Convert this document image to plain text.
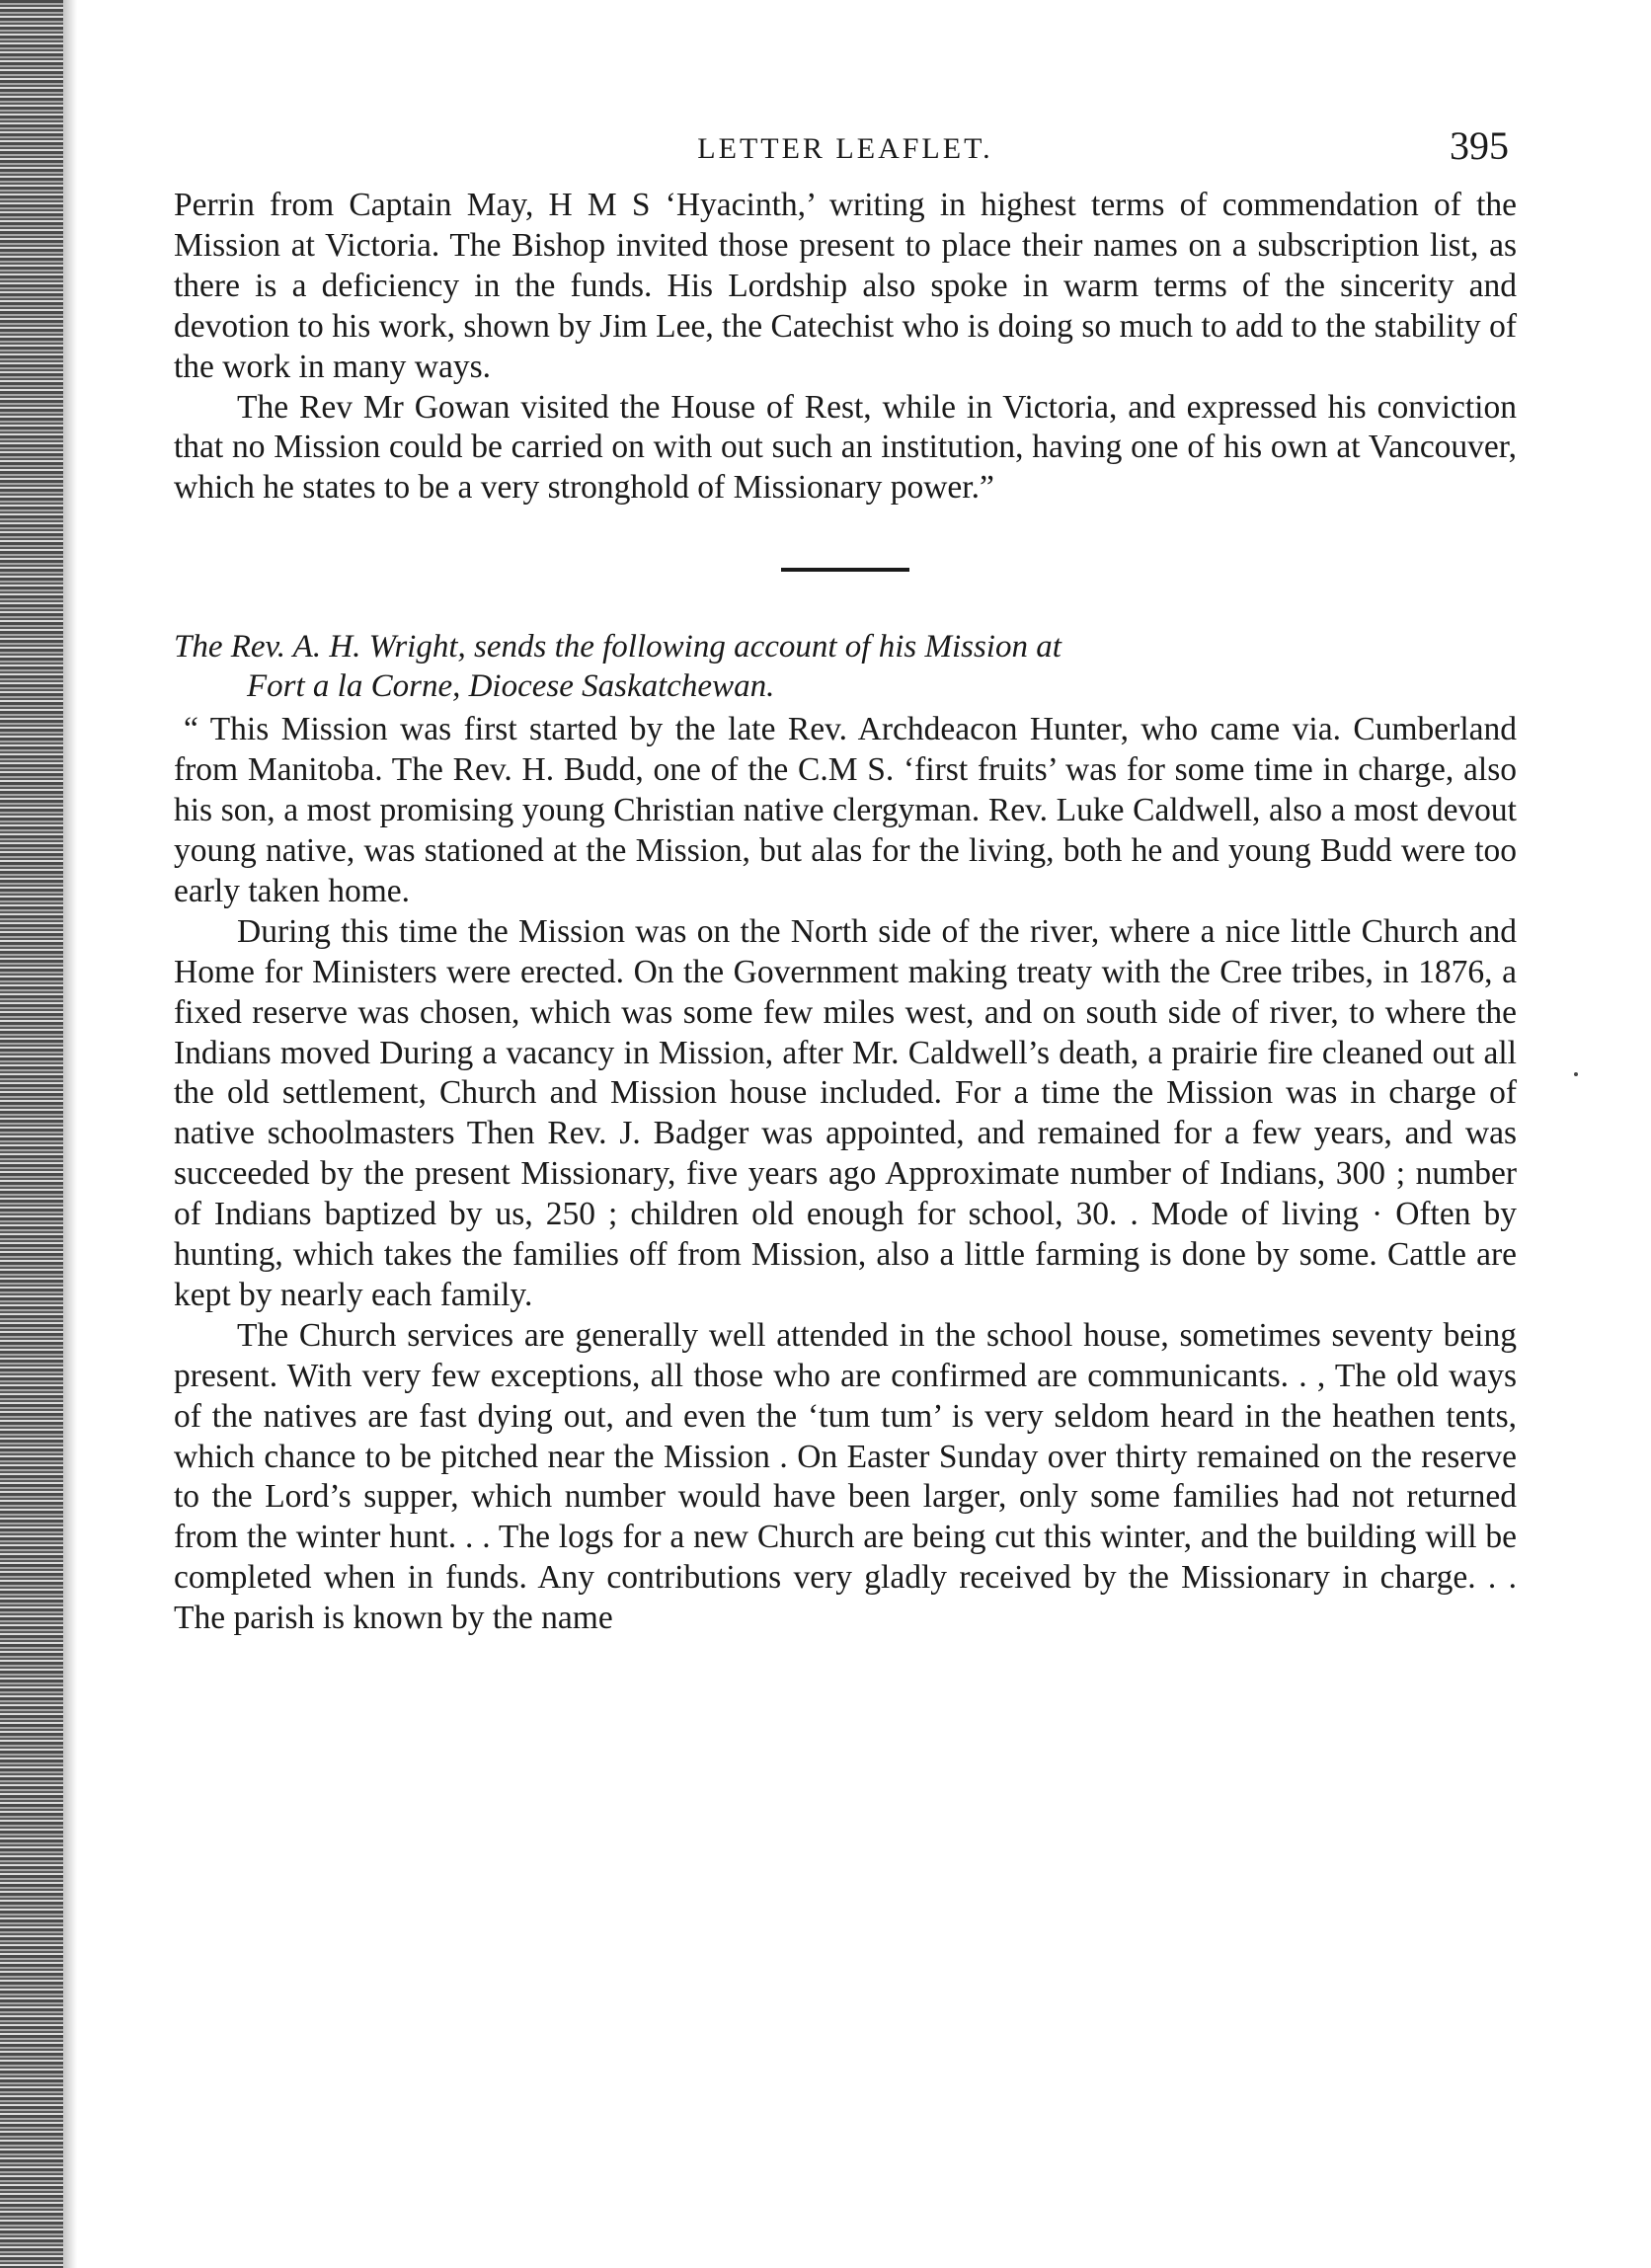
LETTER LEAFLET.	395

Perrin from Captain May, H M S ‘Hyacinth,’ writing in highest terms of commendation of the Mission at Victoria. The Bishop invited those present to place their names on a subscription list, as there is a deficiency in the funds. His Lordship also spoke in warm terms of the sincerity and devotion to his work, shown by Jim Lee, the Catechist who is doing so much to add to the stability of the work in many ways.

The Rev Mr Gowan visited the House of Rest, while in Victoria, and expressed his conviction that no Mission could be carried on with out such an institution, having one of his own at Vancouver, which he states to be a very stronghold of Missionary power.”

The Rev. A. H. Wright, sends the following account of his Mission at

Fort a la Corne, Diocese Saskatchewan.

“ This Mission was first started by the late Rev. Archdeacon Hunter, who came via. Cumberland from Manitoba. The Rev. H. Budd, one of the C.M S. ‘first fruits’ was for some time in charge, also his son, a most promising young Christian native clergyman. Rev. Luke Caldwell, also a most devout young native, was stationed at the Mission, but alas for the living, both he and young Budd were too early taken home.

During this time the Mission was on the North side of the river, where a nice little Church and Home for Ministers were erected. On the Government making treaty with the Cree tribes, in 1876, a fixed reserve was chosen, which was some few miles west, and on south side of river, to where the Indians moved During a vacancy in Mission, after Mr. Caldwell’s death, a prairie fire cleaned out all the old settlement, Church and Mission house included. For a time the Mission was in charge of native schoolmasters Then Rev. J. Badger was appointed, and remained for a few years, and was succeeded by the present Missionary, five years ago Approximate number of Indians, 300 ; number of Indians baptized by us, 250 ; children old enough for school, 30. . Mode of living · Often by hunting, which takes the families off from Mission, also a little farming is done by some. Cattle are kept by nearly each family.

The Church services are generally well attended in the school house, sometimes seventy being present. With very few exceptions, all those who are confirmed are communicants. . , The old ways of the natives are fast dying out, and even the ‘tum tum’ is very seldom heard in the heathen tents, which chance to be pitched near the Mission . On Easter Sunday over thirty remained on the reserve to the Lord’s supper, which number would have been larger, only some families had not returned from the winter hunt. . . The logs for a new Church are being cut this winter, and the building will be completed when in funds. Any contributions very gladly received by the Missionary in charge. . . The parish is known by the name
